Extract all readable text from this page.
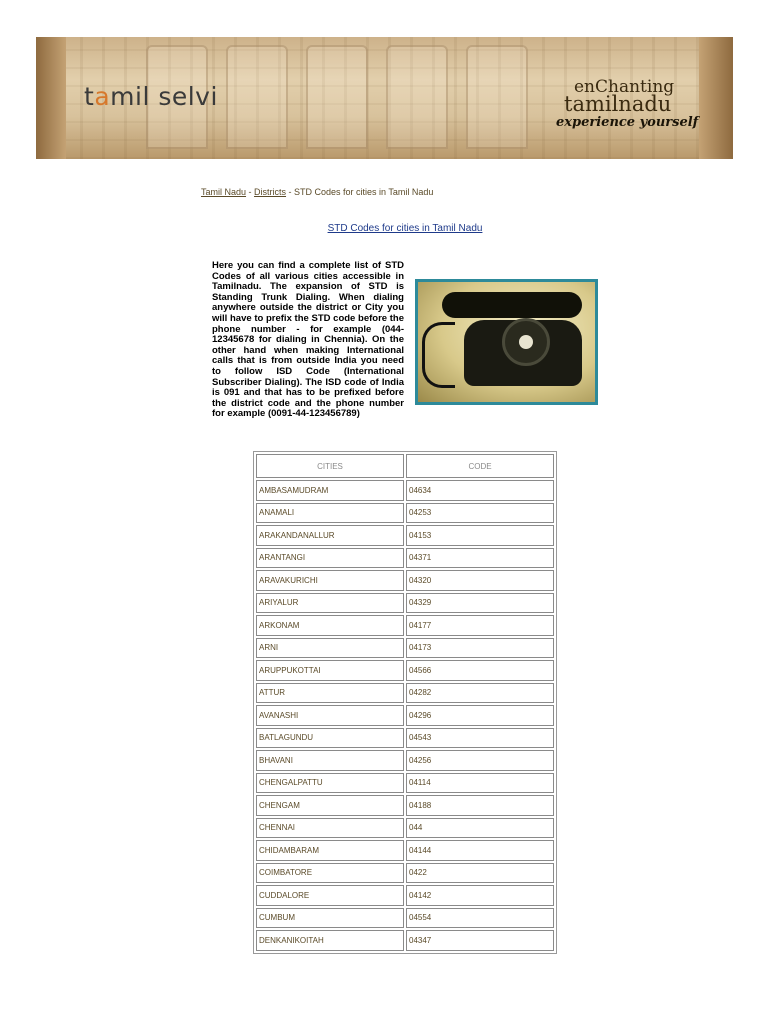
tamil selvi	enChanting
tamilnadu
experience yourself
Tamil Nadu - Districts - STD Codes for cities in Tamil Nadu
STD Codes for cities in Tamil Nadu
Here you can find a complete list of STD Codes of all various cities accessible in Tamilnadu. The expansion of STD is Standing Trunk Dialing. When dialing anywhere outside the district or City you will have to prefix the STD code before the phone number - for example (044-12345678 for dialing in Chennia). On the other hand when making International calls that is from outside India you need to follow ISD Code (International Subscriber Dialing). The ISD code of India is 091 and that has to be prefixed before the district code and the phone number for example (0091-44-123456789)
CITIES	CODE
AMBASAMUDRAM	04634
ANAMALI	04253
ARAKANDANALLUR	04153
ARANTANGI	04371
ARAVAKURICHI	04320
ARIYALUR	04329
ARKONAM	04177
ARNI	04173
ARUPPUKOTTAI	04566
ATTUR	04282
AVANASHI	04296
BATLAGUNDU	04543
BHAVANI	04256
CHENGALPATTU	04114
CHENGAM	04188
CHENNAI	044
CHIDAMBARAM	04144
COIMBATORE	0422
CUDDALORE	04142
CUMBUM	04554
DENKANIKOITAH	04347
